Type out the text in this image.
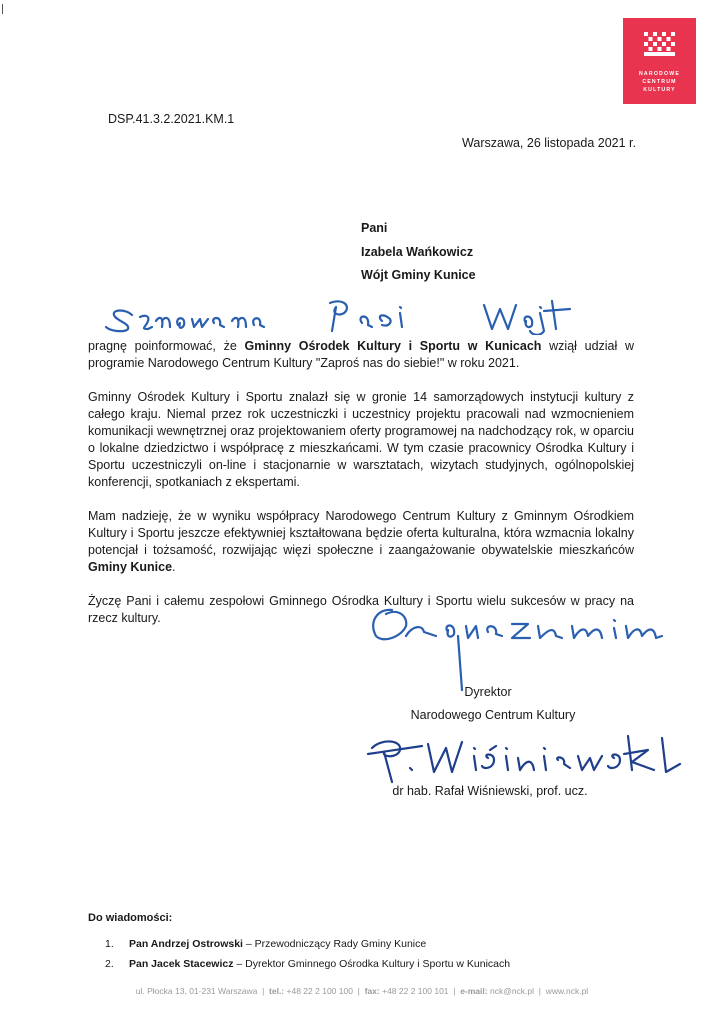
NARODOWE
CENTRUM
KULTURY
DSP.41.3.2.2021.KM.1
Warszawa, 26 listopada 2021 r.
Pani
Izabela Wańkowicz
Wójt Gminy Kunice

pragnę poinformować, że Gminny Ośrodek Kultury i Sportu w Kunicach wziął udział w programie Narodowego Centrum Kultury "Zaproś nas do siebie!" w roku 2021.

Gminny Ośrodek Kultury i Sportu znalazł się w gronie 14 samorządowych instytucji kultury z całego kraju. Niemal przez rok uczestniczki i uczestnicy projektu pracowali nad wzmocnieniem komunikacji wewnętrznej oraz projektowaniem oferty programowej na nadchodzący rok, w oparciu o lokalne dziedzictwo i współpracę z mieszkańcami. W tym czasie pracownicy Ośrodka Kultury i Sportu uczestniczyli on-line i stacjonarnie w warsztatach, wizytach studyjnych, ogólnopolskiej konferencji, spotkaniach z ekspertami.

Mam nadzieję, że w wyniku współpracy Narodowego Centrum Kultury z Gminnym Ośrodkiem Kultury i Sportu jeszcze efektywniej kształtowana będzie oferta kulturalna, która wzmacnia lokalny potencjał i tożsamość, rozwijając więzi społeczne i zaangażowanie obywatelskie mieszkańców Gminy Kunice.

Życzę Pani i całemu zespołowi Gminnego Ośrodka Kultury i Sportu wielu sukcesów w pracy na rzecz kultury.

Dyrektor
Narodowego Centrum Kultury
dr hab. Rafał Wiśniewski, prof. ucz.
Do wiadomości:
1. Pan Andrzej Ostrowski – Przewodniczący Rady Gminy Kunice
2. Pan Jacek Stacewicz – Dyrektor Gminnego Ośrodka Kultury i Sportu w Kunicach
ul. Płocka 13, 01-231 Warszawa  |  tel.: +48 22 2 100 100  |  fax: +48 22 2 100 101  |  e-mail: nck@nck.pl  |  www.nck.pl
